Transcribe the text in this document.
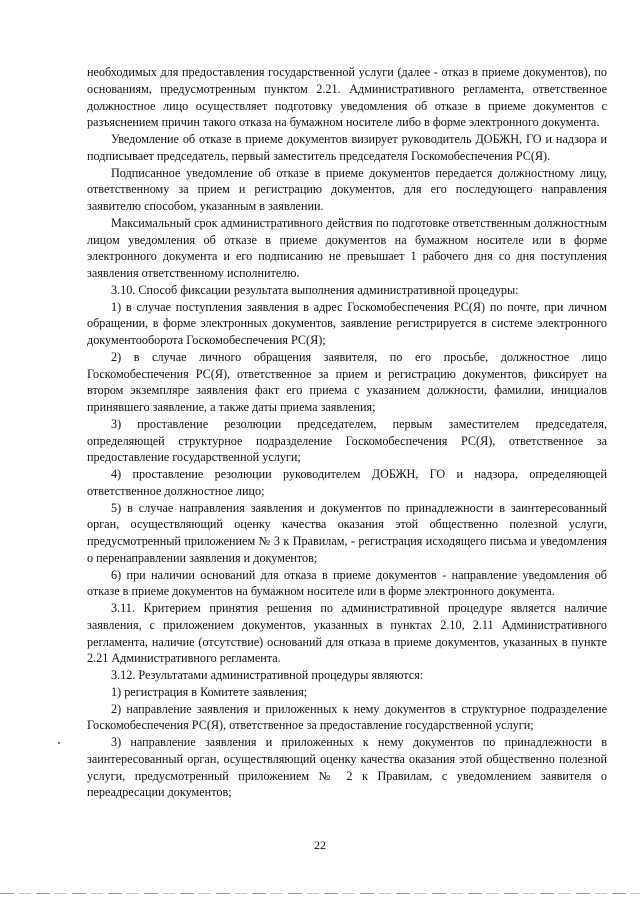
необходимых для предоставления государственной услуги (далее - отказ в приеме документов), по основаниям, предусмотренным пунктом 2.21. Административного регламента, ответственное должностное лицо осуществляет подготовку уведомления об отказе в приеме документов с разъяснением причин такого отказа на бумажном носителе либо в форме электронного документа.

Уведомление об отказе в приеме документов визирует руководитель ДОБЖН, ГО и надзора и подписывает председатель, первый заместитель председателя Госкомобеспечения РС(Я).

Подписанное уведомление об отказе в приеме документов передается должностному лицу, ответственному за прием и регистрацию документов, для его последующего направления заявителю способом, указанным в заявлении.

Максимальный срок административного действия по подготовке ответственным должностным лицом уведомления об отказе в приеме документов на бумажном носителе или в форме электронного документа и его подписанию не превышает 1 рабочего дня со дня поступления заявления ответственному исполнителю.

3.10. Способ фиксации результата выполнения административной процедуры:

1) в случае поступления заявления в адрес Госкомобеспечения РС(Я) по почте, при личном обращении, в форме электронных документов, заявление регистрируется в системе электронного документооборота Госкомобеспечения РС(Я);

2) в случае личного обращения заявителя, по его просьбе, должностное лицо Госкомобеспечения РС(Я), ответственное за прием и регистрацию документов, фиксирует на втором экземпляре заявления факт его приема с указанием должности, фамилии, инициалов принявшего заявление, а также даты приема заявления;

3) проставление резолюции председателем, первым заместителем председателя, определяющей структурное подразделение Госкомобеспечения РС(Я), ответственное за предоставление государственной услуги;

4) проставление резолюции руководителем ДОБЖН, ГО и надзора, определяющей ответственное должностное лицо;

5) в случае направления заявления и документов по принадлежности в заинтересованный орган, осуществляющий оценку качества оказания этой общественно полезной услуги, предусмотренный приложением № 3 к Правилам, - регистрация исходящего письма и уведомления о перенаправлении заявления и документов;

6) при наличии оснований для отказа в приеме документов - направление уведомления об отказе в приеме документов на бумажном носителе или в форме электронного документа.

3.11. Критерием принятия решения по административной процедуре является наличие заявления, с приложением документов, указанных в пунктах 2.10, 2.11 Административного регламента, наличие (отсутствие) оснований для отказа в приеме документов, указанных в пункте 2.21 Административного регламента.

3.12. Результатами административной процедуры являются:

1) регистрация в Комитете заявления;

2) направление заявления и приложенных к нему документов в структурное подразделение Госкомобеспечения РС(Я), ответственное за предоставление государственной услуги;

3) направление заявления и приложенных к нему документов по принадлежности в заинтересованный орган, осуществляющий оценку качества оказания этой общественно полезной услуги, предусмотренный приложением № 2 к Правилам, с уведомлением заявителя о переадресации документов;

22
